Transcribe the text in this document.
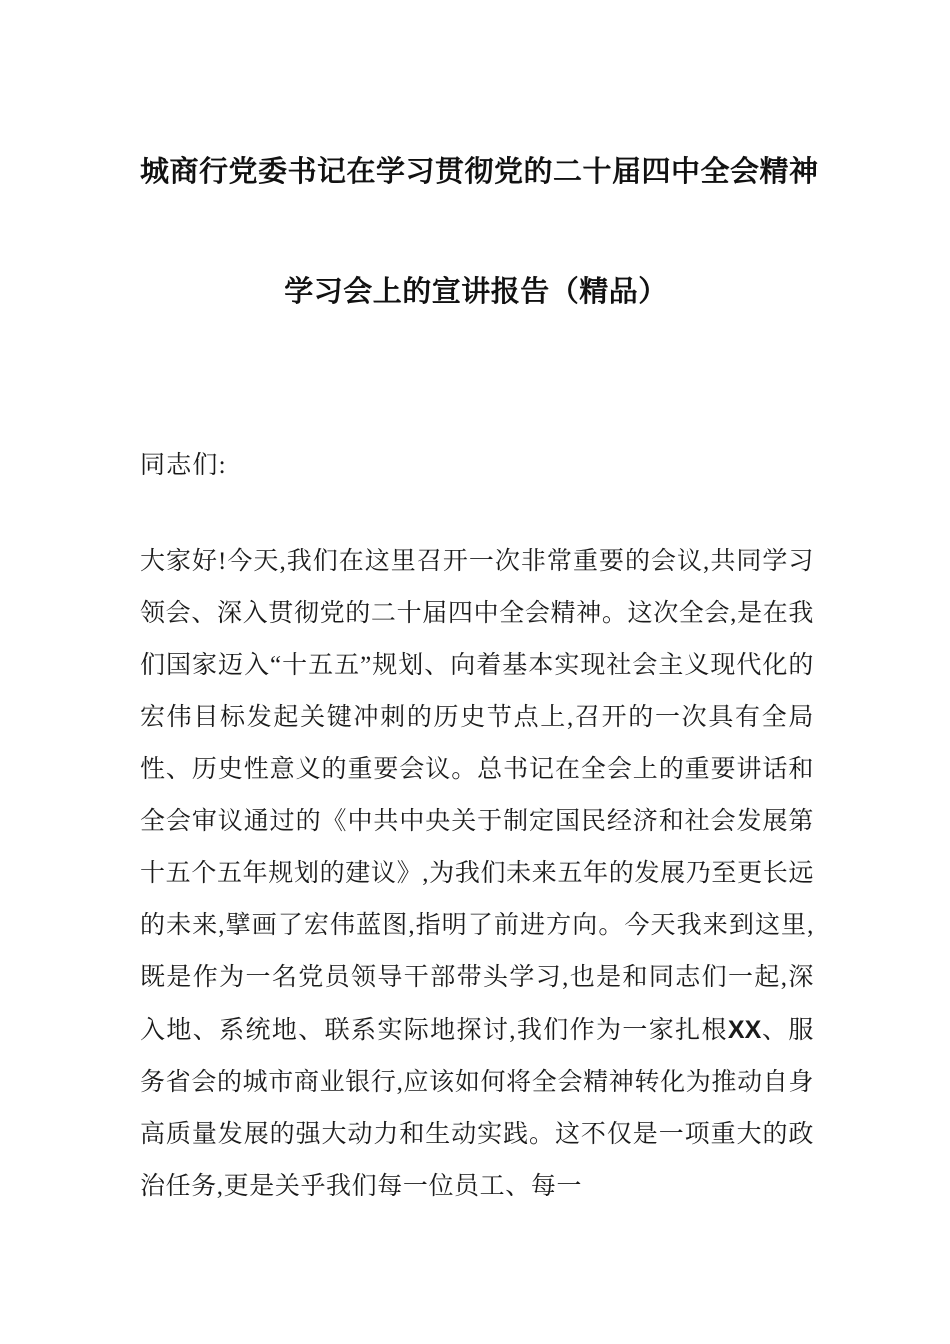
城商行党委书记在学习贯彻党的二十届四中全会精神
学习会上的宣讲报告（精品）
同志们:

大家好!今天,我们在这里召开一次非常重要的会议,共同学习领会、深入贯彻党的二十届四中全会精神。这次全会,是在我们国家迈入“十五五”规划、向着基本实现社会主义现代化的宏伟目标发起关键冲刺的历史节点上,召开的一次具有全局性、历史性意义的重要会议。总书记在全会上的重要讲话和全会审议通过的《中共中央关于制定国民经济和社会发展第十五个五年规划的建议》,为我们未来五年的发展乃至更长远的未来,擘画了宏伟蓝图,指明了前进方向。今天我来到这里,既是作为一名党员领导干部带头学习,也是和同志们一起,深入地、系统地、联系实际地探讨,我们作为一家扎根XX、服务省会的城市商业银行,应该如何将全会精神转化为推动自身高质量发展的强大动力和生动实践。这不仅是一项重大的政治任务,更是关乎我们每一位员工、每一
